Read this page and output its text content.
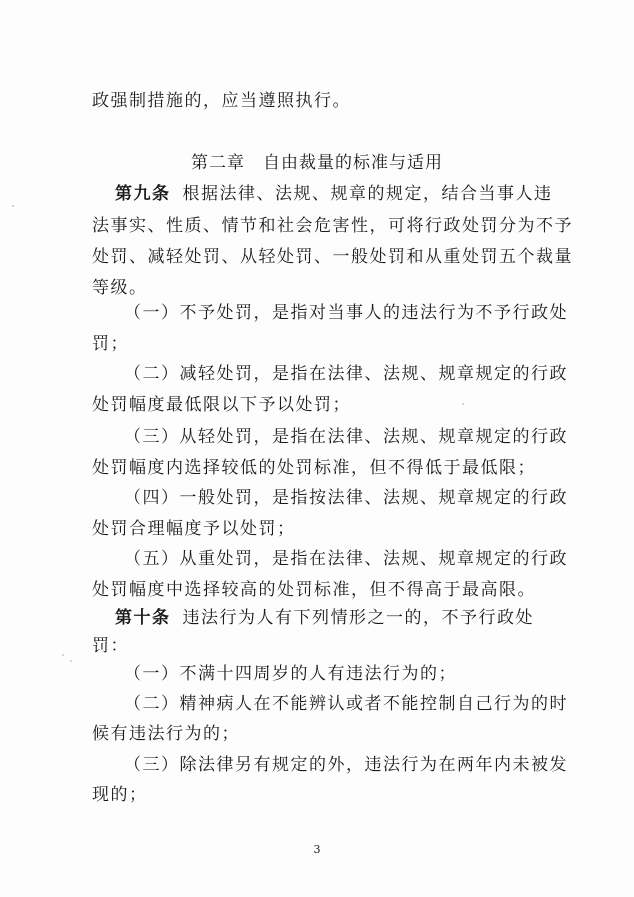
政强制措施的，应当遵照执行。
第二章　自由裁量的标准与适用
第九条 根据法律、法规、规章的规定，结合当事人违
法事实、性质、情节和社会危害性，可将行政处罚分为不予
处罚、减轻处罚、从轻处罚、一般处罚和从重处罚五个裁量
等级。
（一）不予处罚，是指对当事人的违法行为不予行政处
罚；
（二）减轻处罚，是指在法律、法规、规章规定的行政
处罚幅度最低限以下予以处罚；
（三）从轻处罚，是指在法律、法规、规章规定的行政
处罚幅度内选择较低的处罚标准，但不得低于最低限；
（四）一般处罚，是指按法律、法规、规章规定的行政
处罚合理幅度予以处罚；
（五）从重处罚，是指在法律、法规、规章规定的行政
处罚幅度中选择较高的处罚标准，但不得高于最高限。
第十条 违法行为人有下列情形之一的，不予行政处
罚：
（一）不满十四周岁的人有违法行为的；
（二）精神病人在不能辨认或者不能控制自己行为的时
候有违法行为的；
（三）除法律另有规定的外，违法行为在两年内未被发
现的；
3
